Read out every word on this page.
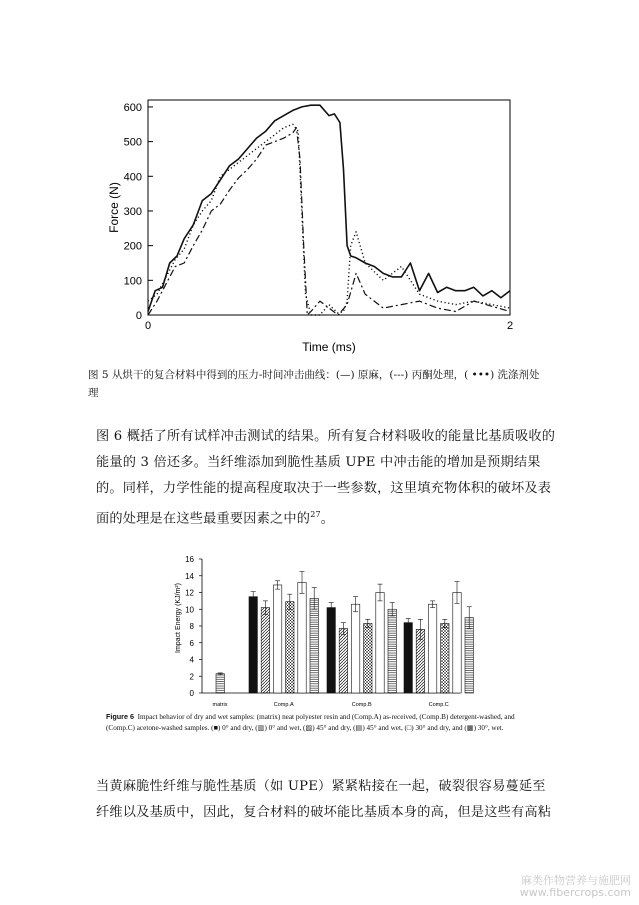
0
100
200
300
400
500
600
0	2
Time (ms)
Force (N)
图 5 从烘干的复合材料中得到的压力-时间冲击曲线：(—) 原麻，(---) 丙酮处理，( •••) 洗涤剂处理
图 6 概括了所有试样冲击测试的结果。所有复合材料吸收的能量比基质吸收的能量的 3 倍还多。当纤维添加到脆性基质 UPE 中冲击能的增加是预期结果的。同样，力学性能的提高程度取决于一些参数，这里填充物体积的破坏及表面的处理是在这些最重要因素之中的$^{27}$。
0
2
4
6
8
10
12
14
16
Impact Energy (KJ/m²)
matrix	Comp.A	Comp.B	Comp.C
Figure 6 Impact behavior of dry and wet samples: (matrix) neat polyester resin and (Comp.A) as-received, (Comp.B) detergent-washed, and (Comp.C) acetone-washed samples. (■) 0° and dry, (▥) 0° and wet, (▨) 45° and dry, (▤) 45° and wet, (□) 30° and dry, and (▦) 30°, wet.
当黄麻脆性纤维与脆性基质（如 UPE）紧紧粘接在一起，破裂很容易蔓延至纤维以及基质中，因此，复合材料的破坏能比基质本身的高，但是这些有高粘
麻类作物营养与施肥网
www.fibercrops.com
